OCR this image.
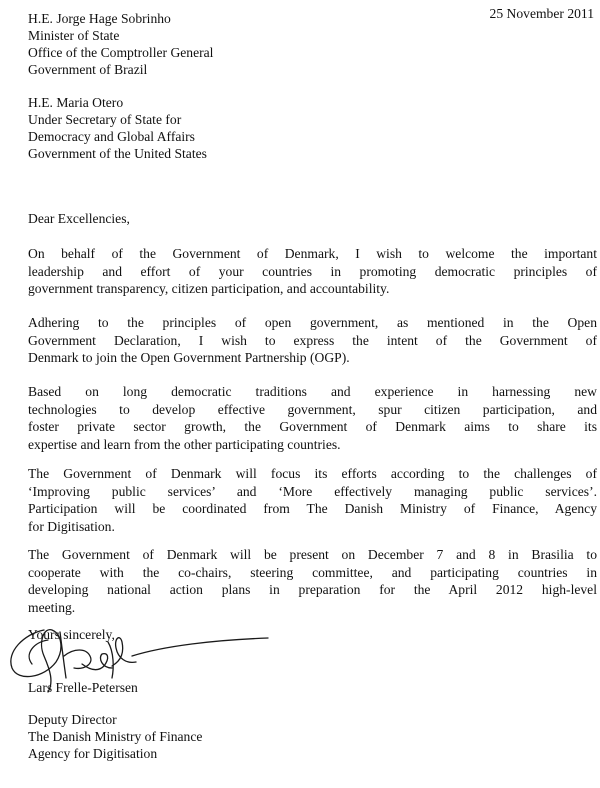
25 November 2011
H.E. Jorge Hage Sobrinho
Minister of State
Office of the Comptroller General
Government of Brazil
H.E. Maria Otero
Under Secretary of State for
Democracy and Global Affairs
Government of the United States
Dear Excellencies,
On behalf of the Government of Denmark, I wish to welcome the important
leadership and effort of your countries in promoting democratic principles of
government transparency, citizen participation, and accountability.
Adhering to the principles of open government, as mentioned in the Open
Government Declaration, I wish to express the intent of the Government of
Denmark to join the Open Government Partnership (OGP).
Based on long democratic traditions and experience in harnessing new
technologies to develop effective government, spur citizen participation, and
foster private sector growth, the Government of Denmark aims to share its
expertise and learn from the other participating countries.
The Government of Denmark will focus its efforts according to the challenges of
‘Improving public services’ and ‘More effectively managing public services’.
Participation will be coordinated from The Danish Ministry of Finance, Agency
for Digitisation.
The Government of Denmark will be present on December 7 and 8 in Brasilia to
cooperate with the co-chairs, steering committee, and participating countries in
developing national action plans in preparation for the April 2012 high-level
meeting.
Yours sincerely,
Lars Frelle-Petersen
Deputy Director
The Danish Ministry of Finance
Agency for Digitisation
